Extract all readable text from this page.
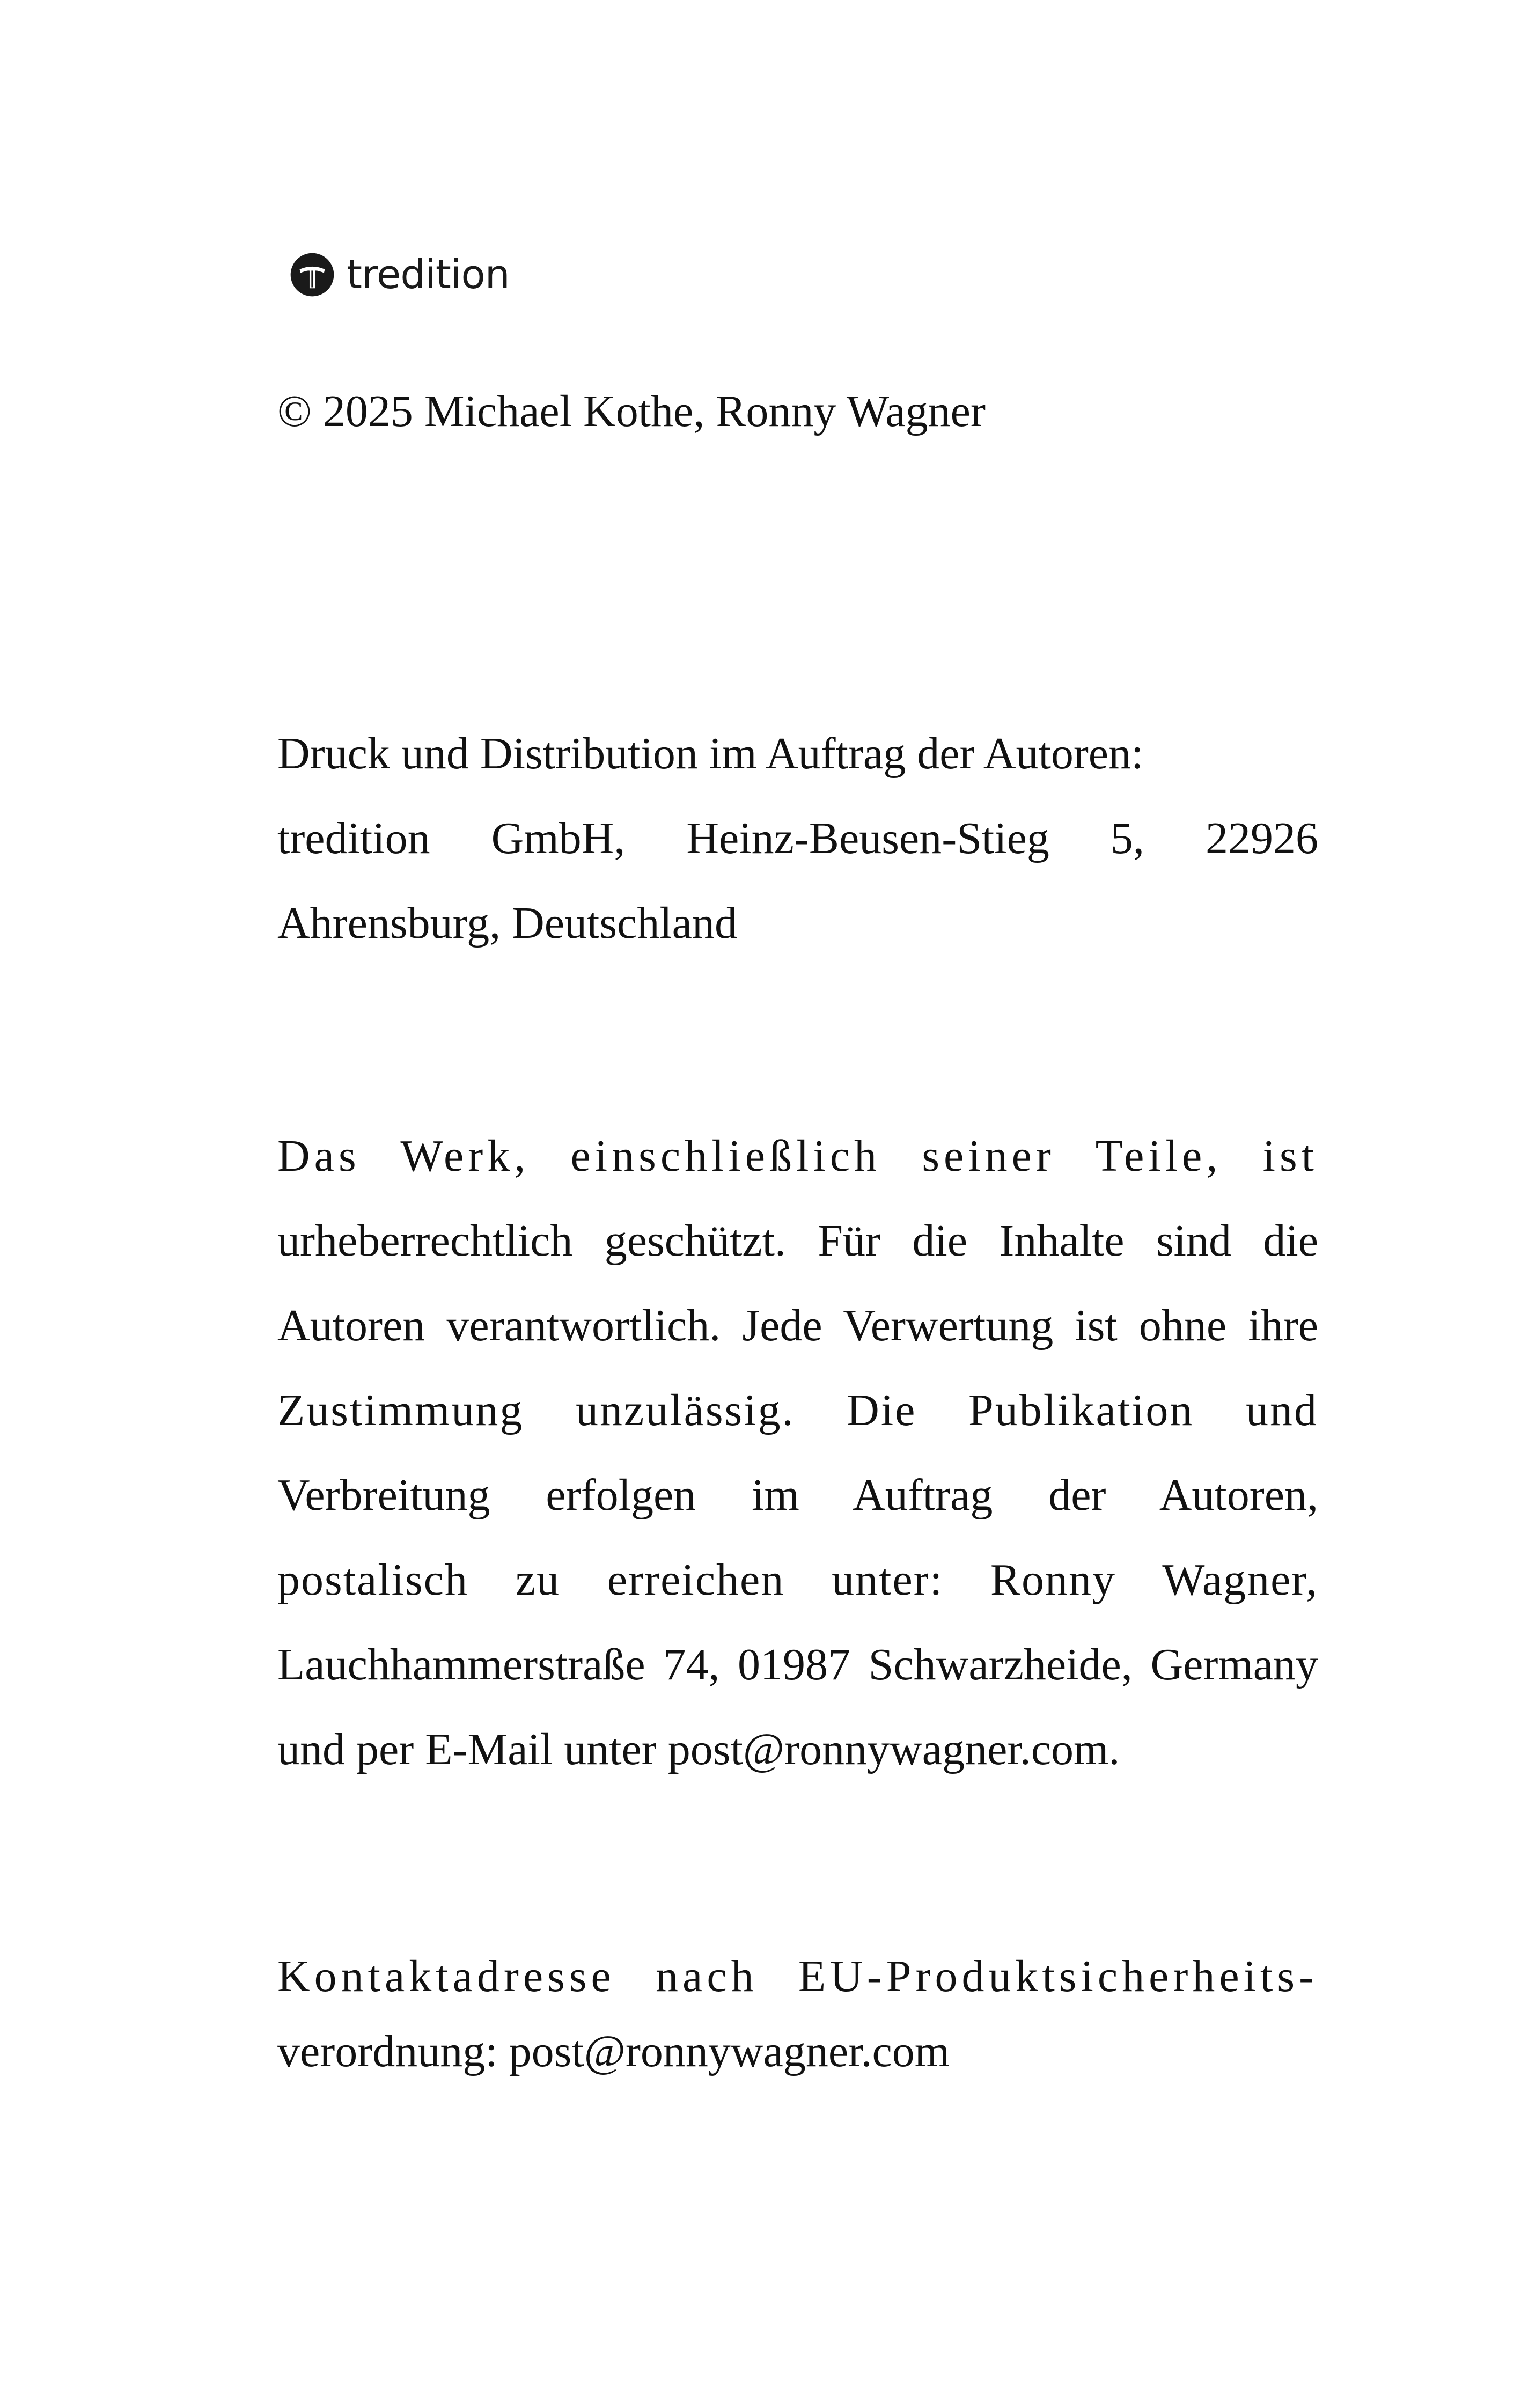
tredition

© 2025 Michael Kothe, Ronny Wagner

Druck und Distribution im Auftrag der Autoren:
tredition GmbH, Heinz-Beusen-Stieg 5, 22926
Ahrensburg, Deutschland
Das Werk, einschließlich seiner Teile, ist
urheberrechtlich geschützt. Für die Inhalte sind die
Autoren verantwortlich. Jede Verwertung ist ohne ihre
Zustimmung unzulässig. Die Publikation und
Verbreitung erfolgen im Auftrag der Autoren,
postalisch zu erreichen unter: Ronny Wagner,
Lauchhammerstraße 74, 01987 Schwarzheide, Germany
und per E-Mail unter post@ronnywagner.com.
Kontaktadresse nach EU-Produktsicherheits-
verordnung: post@ronnywagner.com
